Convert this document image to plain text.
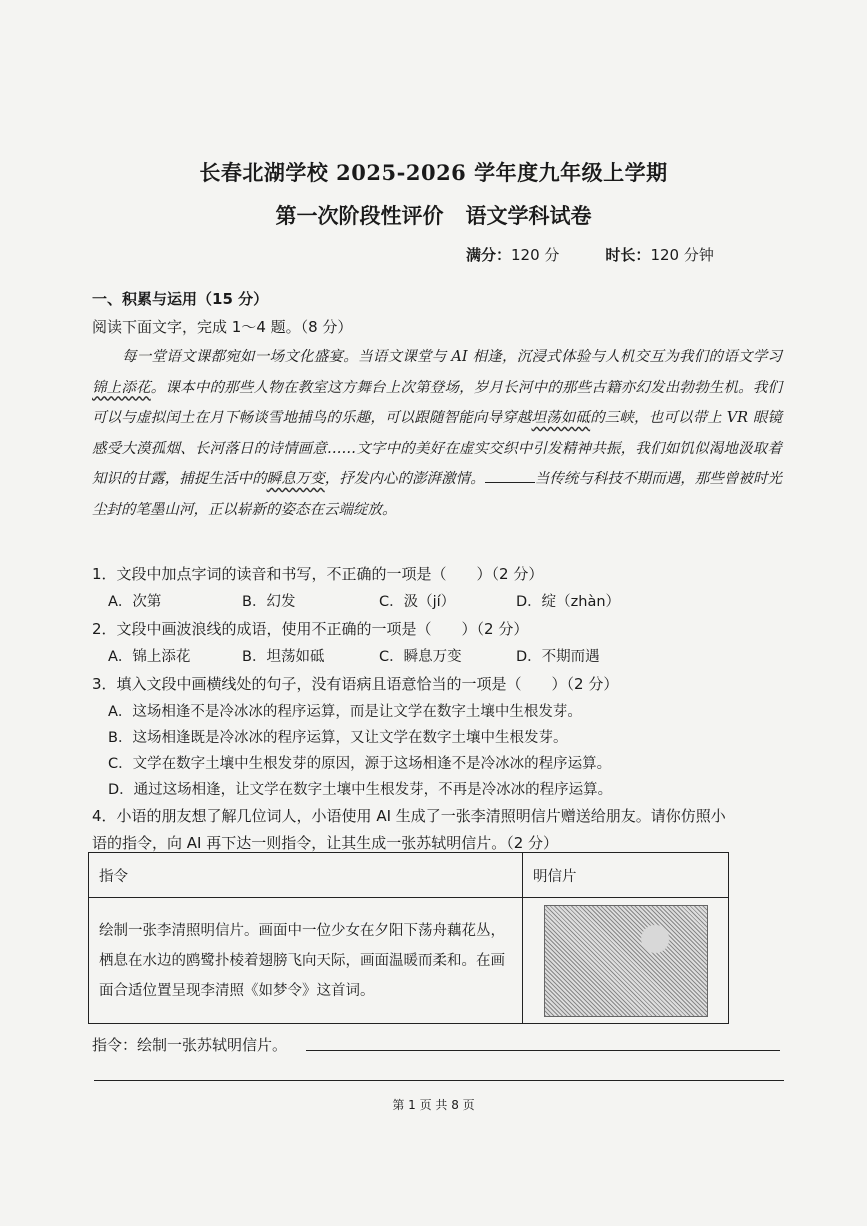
长春北湖学校 2025-2026 学年度九年级上学期
第一次阶段性评价 语文学科试卷
满分：120 分	时长：120 分钟
一、积累与运用（15 分）
阅读下面文字，完成 1～4 题。（8 分）
每一堂语文课都宛如一场文化盛宴。当语文课堂与 AI 相逢，沉浸式体验与人机交互为我们的语文学习锦上添花。课本中的那些人物在教室这方舞台上次第登场，岁月长河中的那些古籍亦幻发出勃勃生机。我们可以与虚拟闰土在月下畅谈雪地捕鸟的乐趣，可以跟随智能向导穿越坦荡如砥的三峡，也可以带上 VR 眼镜感受大漠孤烟、长河落日的诗情画意……文字中的美好在虚实交织中引发精神共振，我们如饥似渴地汲取着知识的甘露，捕捉生活中的瞬息万变，抒发内心的澎湃激情。	当传统与科技不期而遇，那些曾被时光尘封的笔墨山河，正以崭新的姿态在云端绽放。
1．文段中加点字词的读音和书写，不正确的一项是（　　）（2 分）
A．次第	B．幻发	C．汲（jí）	D．绽（zhàn）
2．文段中画波浪线的成语，使用不正确的一项是（　　）（2 分）
A．锦上添花	B．坦荡如砥	C．瞬息万变	D．不期而遇
3．填入文段中画横线处的句子，没有语病且语意恰当的一项是（　　）（2 分）
A．这场相逢不是冷冰冰的程序运算，而是让文学在数字土壤中生根发芽。
B．这场相逢既是冷冰冰的程序运算，又让文学在数字土壤中生根发芽。
C．文学在数字土壤中生根发芽的原因，源于这场相逢不是冷冰冰的程序运算。
D．通过这场相逢，让文学在数字土壤中生根发芽，不再是冷冰冰的程序运算。
4．小语的朋友想了解几位词人，小语使用 AI 生成了一张李清照明信片赠送给朋友。请你仿照小
语的指令，向 AI 再下达一则指令，让其生成一张苏轼明信片。（2 分）
指令	明信片

绘制一张李清照明信片。画面中一位少女在夕阳下荡舟藕花丛，栖息在水边的鸥鹭扑棱着翅膀飞向天际，画面温暖而柔和。在画面合适位置呈现李清照《如梦令》这首词。	

指令：绘制一张苏轼明信片。
第 1 页 共 8 页
